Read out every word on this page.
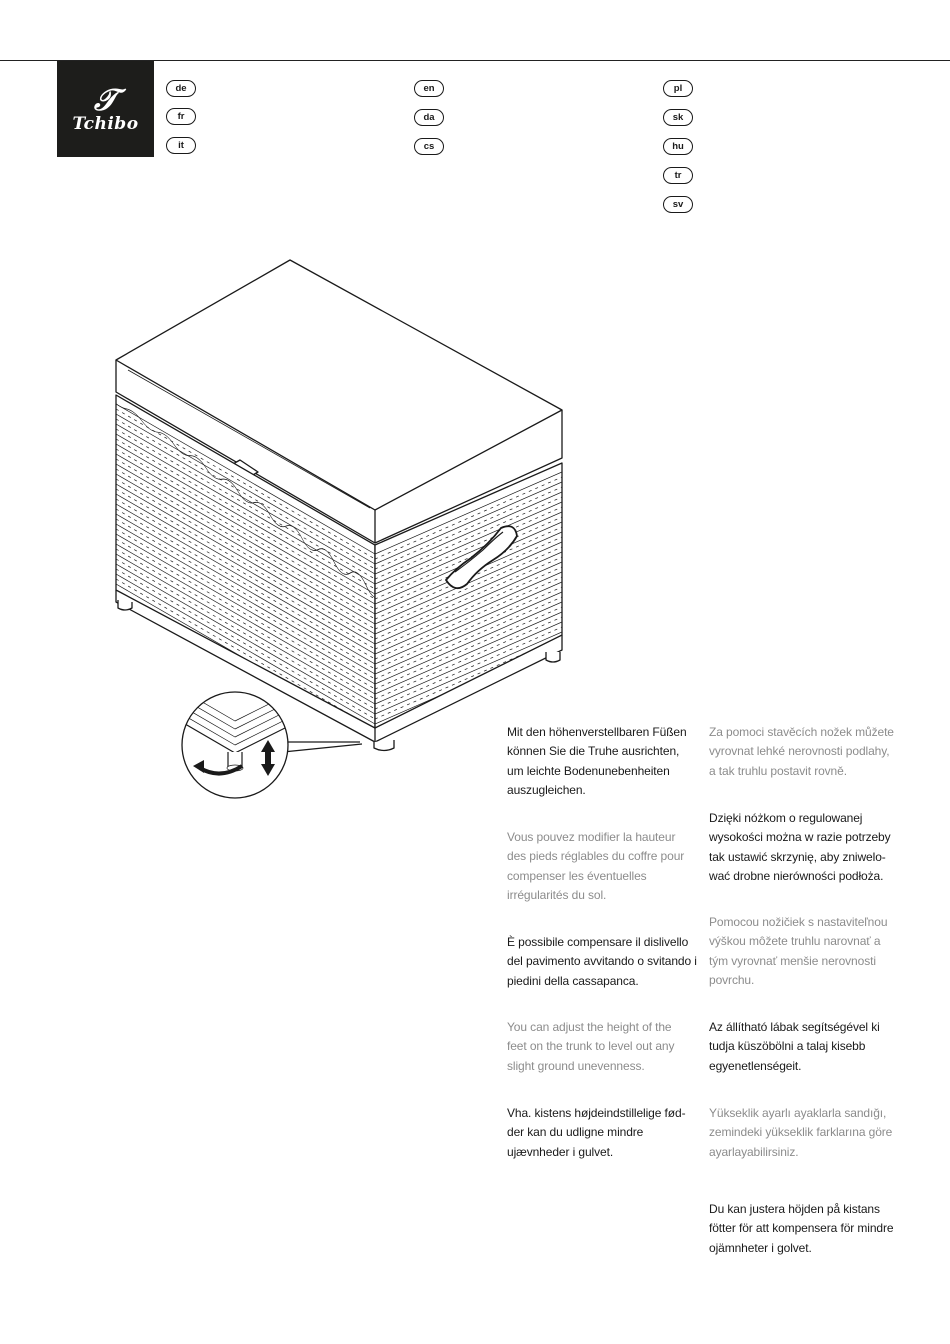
𝒯
Tchibo
de
fr
it
en
da
cs
pl
sk
hu
tr
sv
Mit den höhenverstellbaren Füßen können Sie die Truhe ausrichten, um leichte Bodenunebenheiten auszugleichen.
Vous pouvez modifier la hauteur des pieds réglables du coffre pour compenser les éventuelles irrégularités du sol.
È possibile compensare il dislivello del pavimento avvitando o svitando i piedini della cassapanca.
You can adjust the height of the feet on the trunk to level out any slight ground unevenness.
Vha. kistens højdeindstillelige fød-der kan du udligne mindre ujævnheder i gulvet.
Za pomoci stavěcích nožek můžete vyrovnat lehké nerovnosti podlahy, a tak truhlu postavit rovně.
Dzięki nóżkom o regulowanej wysokości można w razie potrzeby tak ustawić skrzynię, aby zniwelo-wać drobne nierówności podłoża.
Pomocou nožičiek s nastaviteľnou výškou môžete truhlu narovnať a tým vyrovnať menšie nerovnosti povrchu.
Az állítható lábak segítségével ki tudja küszöbölni a talaj kisebb egyenetlenségeit.
Yükseklik ayarlı ayaklarla sandığı, zemindeki yükseklik farklarına göre ayarlayabilirsiniz.
Du kan justera höjden på kistans fötter för att kompensera för mindre ojämnheter i golvet.
